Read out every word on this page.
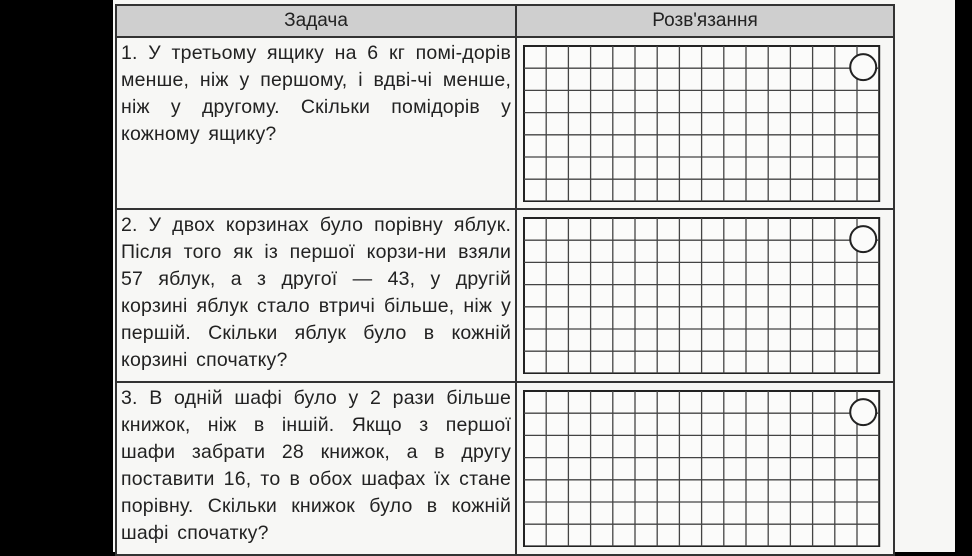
Задача	Розв'язання

1. У третьому ящику на 6 кг помі-дорів менше, ніж у першому, і вдві-чі менше, ніж у другому. Скільки помідорів у кожному ящику?

2. У двох корзинах було порівну яблук. Після того як із першої корзи-ни взяли 57 яблук, а з другої — 43, у другій корзині яблук стало втричі більше, ніж у першій. Скільки яблук було в кожній корзині спочатку?

3. В одній шафі було у 2 рази більше книжок, ніж в іншій. Якщо з першої шафи забрати 28 книжок, а в другу поставити 16, то в обох шафах їх стане порівну. Скільки книжок було в кожній шафі спочатку?
